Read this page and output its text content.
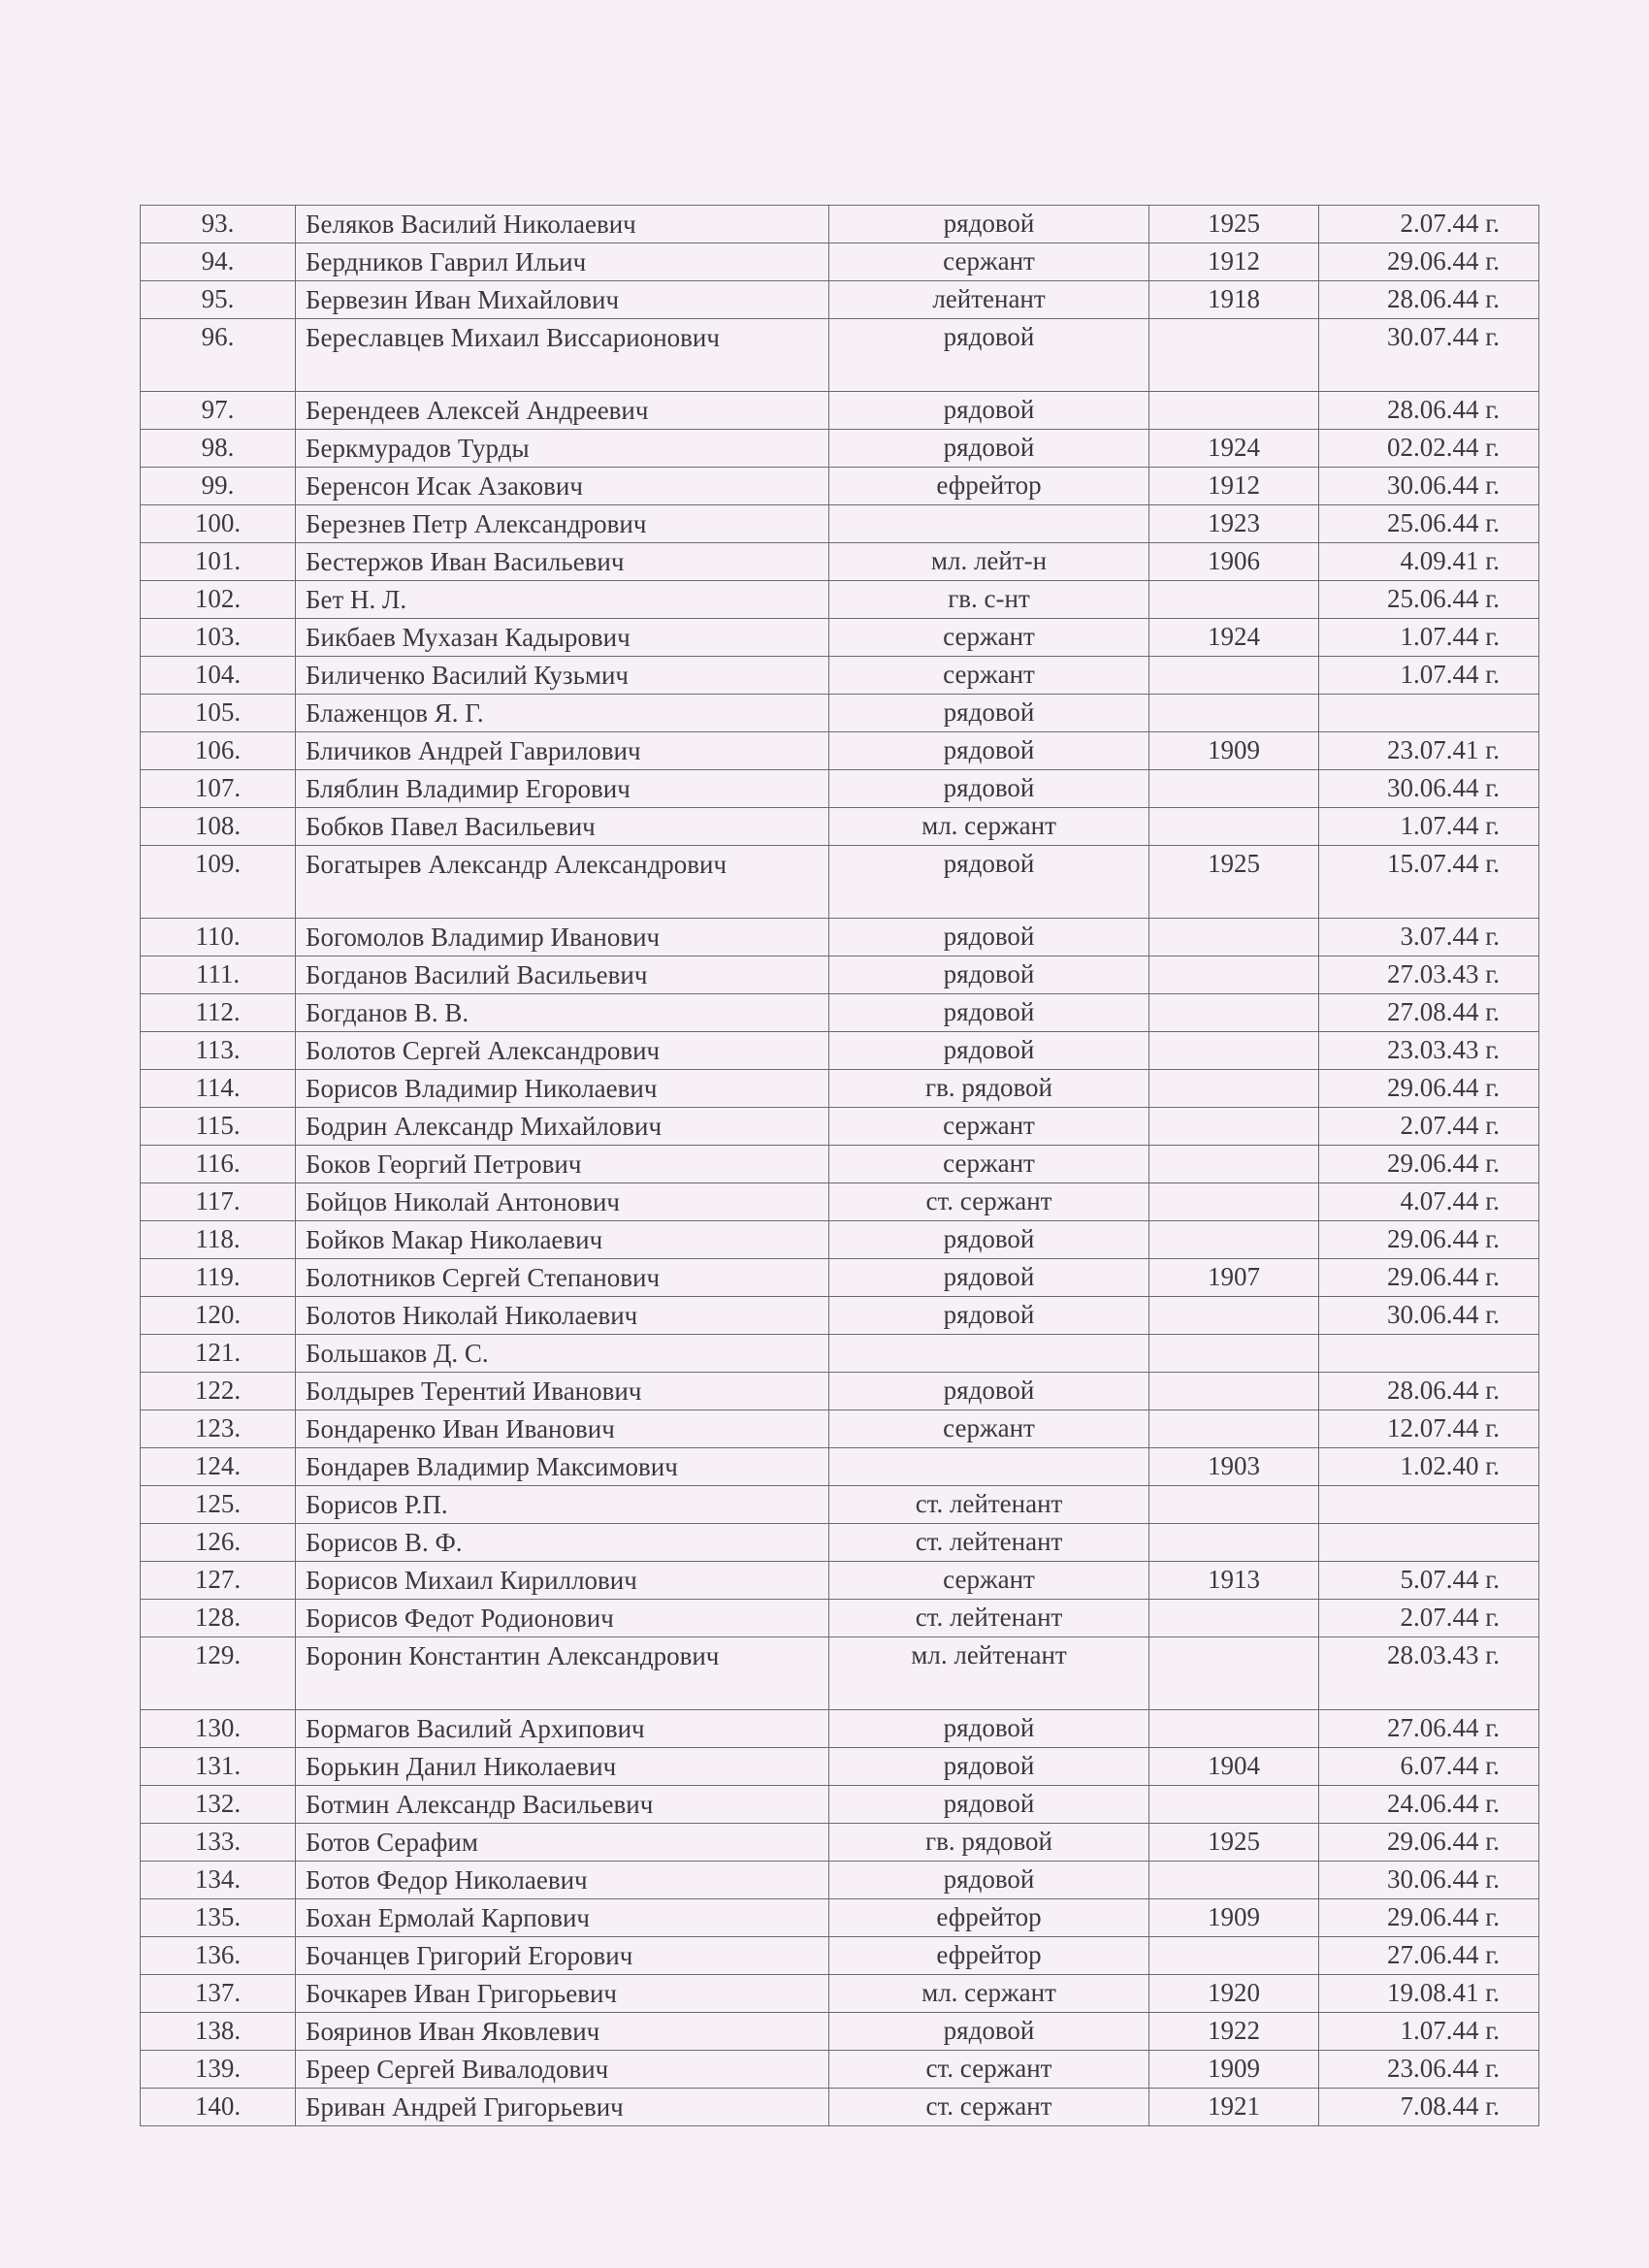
93.	Беляков Василий Николаевич	рядовой	1925	2.07.44 г.
94.	Бердников Гаврил Ильич	сержант	1912	29.06.44 г.
95.	Бервезин Иван Михайлович	лейтенант	1918	28.06.44 г.
96.	Береславцев Михаил Виссарионович	рядовой		30.07.44 г.
97.	Берендеев Алексей Андреевич	рядовой		28.06.44 г.
98.	Беркмурадов Турды	рядовой	1924	02.02.44 г.
99.	Беренсон Исак Азакович	ефрейтор	1912	30.06.44 г.
100.	Березнев Петр Александрович		1923	25.06.44 г.
101.	Бестержов Иван Васильевич	мл. лейт-н	1906	4.09.41 г.
102.	Бет Н. Л.	гв. с-нт		25.06.44 г.
103.	Бикбаев Мухазан Кадырович	сержант	1924	1.07.44 г.
104.	Биличенко Василий Кузьмич	сержант		1.07.44 г.
105.	Блаженцов Я. Г.	рядовой		
106.	Бличиков Андрей Гаврилович	рядовой	1909	23.07.41 г.
107.	Бляблин Владимир Егорович	рядовой		30.06.44 г.
108.	Бобков Павел Васильевич	мл. сержант		1.07.44 г.
109.	Богатырев Александр Александрович	рядовой	1925	15.07.44 г.
110.	Богомолов Владимир Иванович	рядовой		3.07.44 г.
111.	Богданов Василий Васильевич	рядовой		27.03.43 г.
112.	Богданов В. В.	рядовой		27.08.44 г.
113.	Болотов Сергей Александрович	рядовой		23.03.43 г.
114.	Борисов Владимир Николаевич	гв. рядовой		29.06.44 г.
115.	Бодрин Александр Михайлович	сержант		2.07.44 г.
116.	Боков Георгий Петрович	сержант		29.06.44 г.
117.	Бойцов Николай Антонович	ст. сержант		4.07.44 г.
118.	Бойков Макар Николаевич	рядовой		29.06.44 г.
119.	Болотников Сергей Степанович	рядовой	1907	29.06.44 г.
120.	Болотов Николай Николаевич	рядовой		30.06.44 г.
121.	Большаков Д. С.			
122.	Болдырев Терентий Иванович	рядовой		28.06.44 г.
123.	Бондаренко Иван Иванович	сержант		12.07.44 г.
124.	Бондарев Владимир Максимович		1903	1.02.40 г.
125.	Борисов Р.П.	ст. лейтенант		
126.	Борисов В. Ф.	ст. лейтенант		
127.	Борисов Михаил Кириллович	сержант	1913	5.07.44 г.
128.	Борисов Федот Родионович	ст. лейтенант		2.07.44 г.
129.	Боронин Константин Александрович	мл. лейтенант		28.03.43 г.
130.	Бормагов Василий Архипович	рядовой		27.06.44 г.
131.	Борькин Данил Николаевич	рядовой	1904	6.07.44 г.
132.	Ботмин Александр Васильевич	рядовой		24.06.44 г.
133.	Ботов Серафим	гв. рядовой	1925	29.06.44 г.
134.	Ботов Федор Николаевич	рядовой		30.06.44 г.
135.	Бохан Ермолай Карпович	ефрейтор	1909	29.06.44 г.
136.	Бочанцев Григорий Егорович	ефрейтор		27.06.44 г.
137.	Бочкарев Иван Григорьевич	мл. сержант	1920	19.08.41 г.
138.	Бояринов Иван Яковлевич	рядовой	1922	1.07.44 г.
139.	Бреер Сергей Вивалодович	ст. сержант	1909	23.06.44 г.
140.	Бриван Андрей Григорьевич	ст. сержант	1921	7.08.44 г.
